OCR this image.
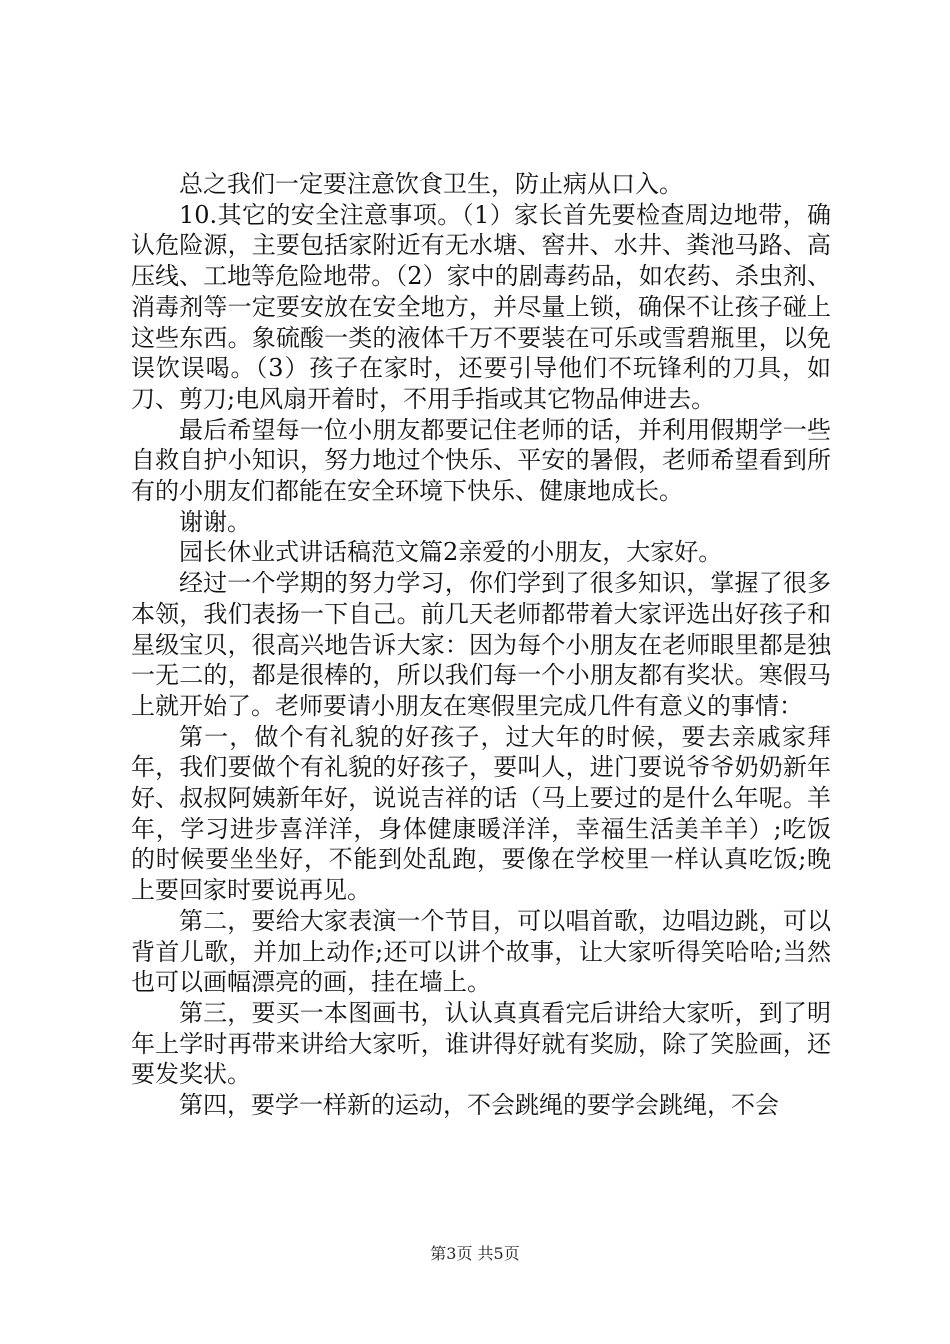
总之我们一定要注意饮食卫生，防止病从口入。

10.其它的安全注意事项。（1）家长首先要检查周边地带，确认危险源，主要包括家附近有无水塘、窖井、水井、粪池马路、高压线、工地等危险地带。（2）家中的剧毒药品，如农药、杀虫剂、消毒剂等一定要安放在安全地方，并尽量上锁，确保不让孩子碰上这些东西。象硫酸一类的液体千万不要装在可乐或雪碧瓶里，以免误饮误喝。（3）孩子在家时，还要引导他们不玩锋利的刀具，如刀、剪刀;电风扇开着时，不用手指或其它物品伸进去。

最后希望每一位小朋友都要记住老师的话，并利用假期学一些自救自护小知识，努力地过个快乐、平安的暑假，老师希望看到所有的小朋友们都能在安全环境下快乐、健康地成长。

谢谢。

园长休业式讲话稿范文篇2亲爱的小朋友，大家好。

经过一个学期的努力学习，你们学到了很多知识，掌握了很多本领，我们表扬一下自己。前几天老师都带着大家评选出好孩子和星级宝贝，很高兴地告诉大家：因为每个小朋友在老师眼里都是独一无二的，都是很棒的，所以我们每一个小朋友都有奖状。寒假马上就开始了。老师要请小朋友在寒假里完成几件有意义的事情：

第一，做个有礼貌的好孩子，过大年的时候，要去亲戚家拜年，我们要做个有礼貌的好孩子，要叫人，进门要说爷爷奶奶新年好、叔叔阿姨新年好，说说吉祥的话（马上要过的是什么年呢。羊年，学习进步喜洋洋，身体健康暖洋洋，幸福生活美羊羊）;吃饭的时候要坐坐好，不能到处乱跑，要像在学校里一样认真吃饭;晚上要回家时要说再见。

第二，要给大家表演一个节目，可以唱首歌，边唱边跳，可以背首儿歌，并加上动作;还可以讲个故事，让大家听得笑哈哈;当然也可以画幅漂亮的画，挂在墙上。

第三，要买一本图画书，认认真真看完后讲给大家听，到了明年上学时再带来讲给大家听，谁讲得好就有奖励，除了笑脸画，还要发奖状。

第四，要学一样新的运动，不会跳绳的要学会跳绳，不会

第3页 共5页
